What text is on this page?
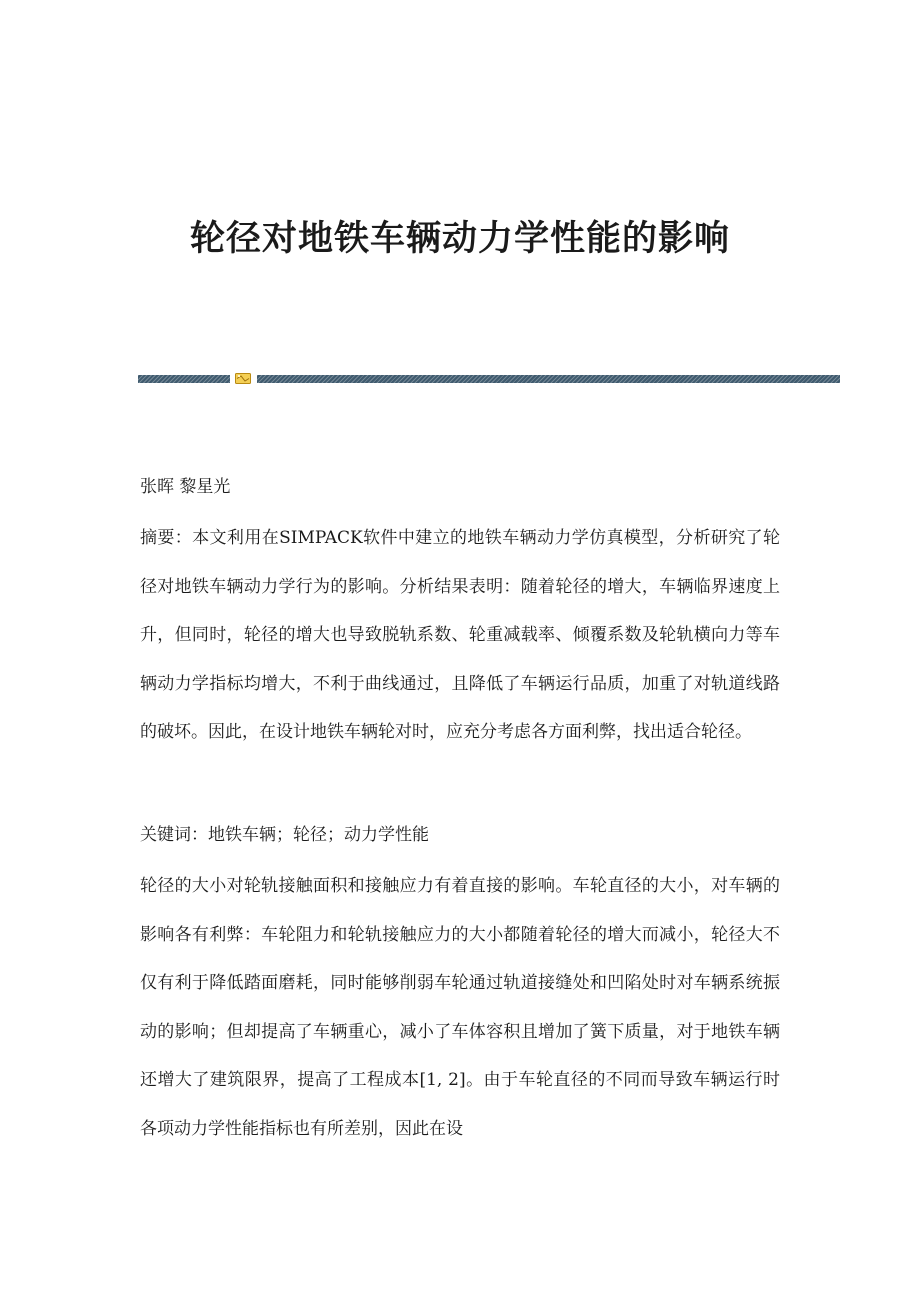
轮径对地铁车辆动力学性能的影响

张晖 黎星光

摘要：本文利用在SIMPACK软件中建立的地铁车辆动力学仿真模型，分析研究了轮径对地铁车辆动力学行为的影响。分析结果表明：随着轮径的增大，车辆临界速度上升，但同时，轮径的增大也导致脱轨系数、轮重减载率、倾覆系数及轮轨横向力等车辆动力学指标均增大，不利于曲线通过，且降低了车辆运行品质，加重了对轨道线路的破坏。因此，在设计地铁车辆轮对时，应充分考虑各方面利弊，找出适合轮径。

关键词：地铁车辆；轮径；动力学性能

轮径的大小对轮轨接触面积和接触应力有着直接的影响。车轮直径的大小，对车辆的影响各有利弊：车轮阻力和轮轨接触应力的大小都随着轮径的增大而减小，轮径大不仅有利于降低踏面磨耗，同时能够削弱车轮通过轨道接缝处和凹陷处时对车辆系统振动的影响；但却提高了车辆重心，减小了车体容积且增加了簧下质量，对于地铁车辆还增大了建筑限界，提高了工程成本[1, 2]。由于车轮直径的不同而导致车辆运行时各项动力学性能指标也有所差别，因此在设
